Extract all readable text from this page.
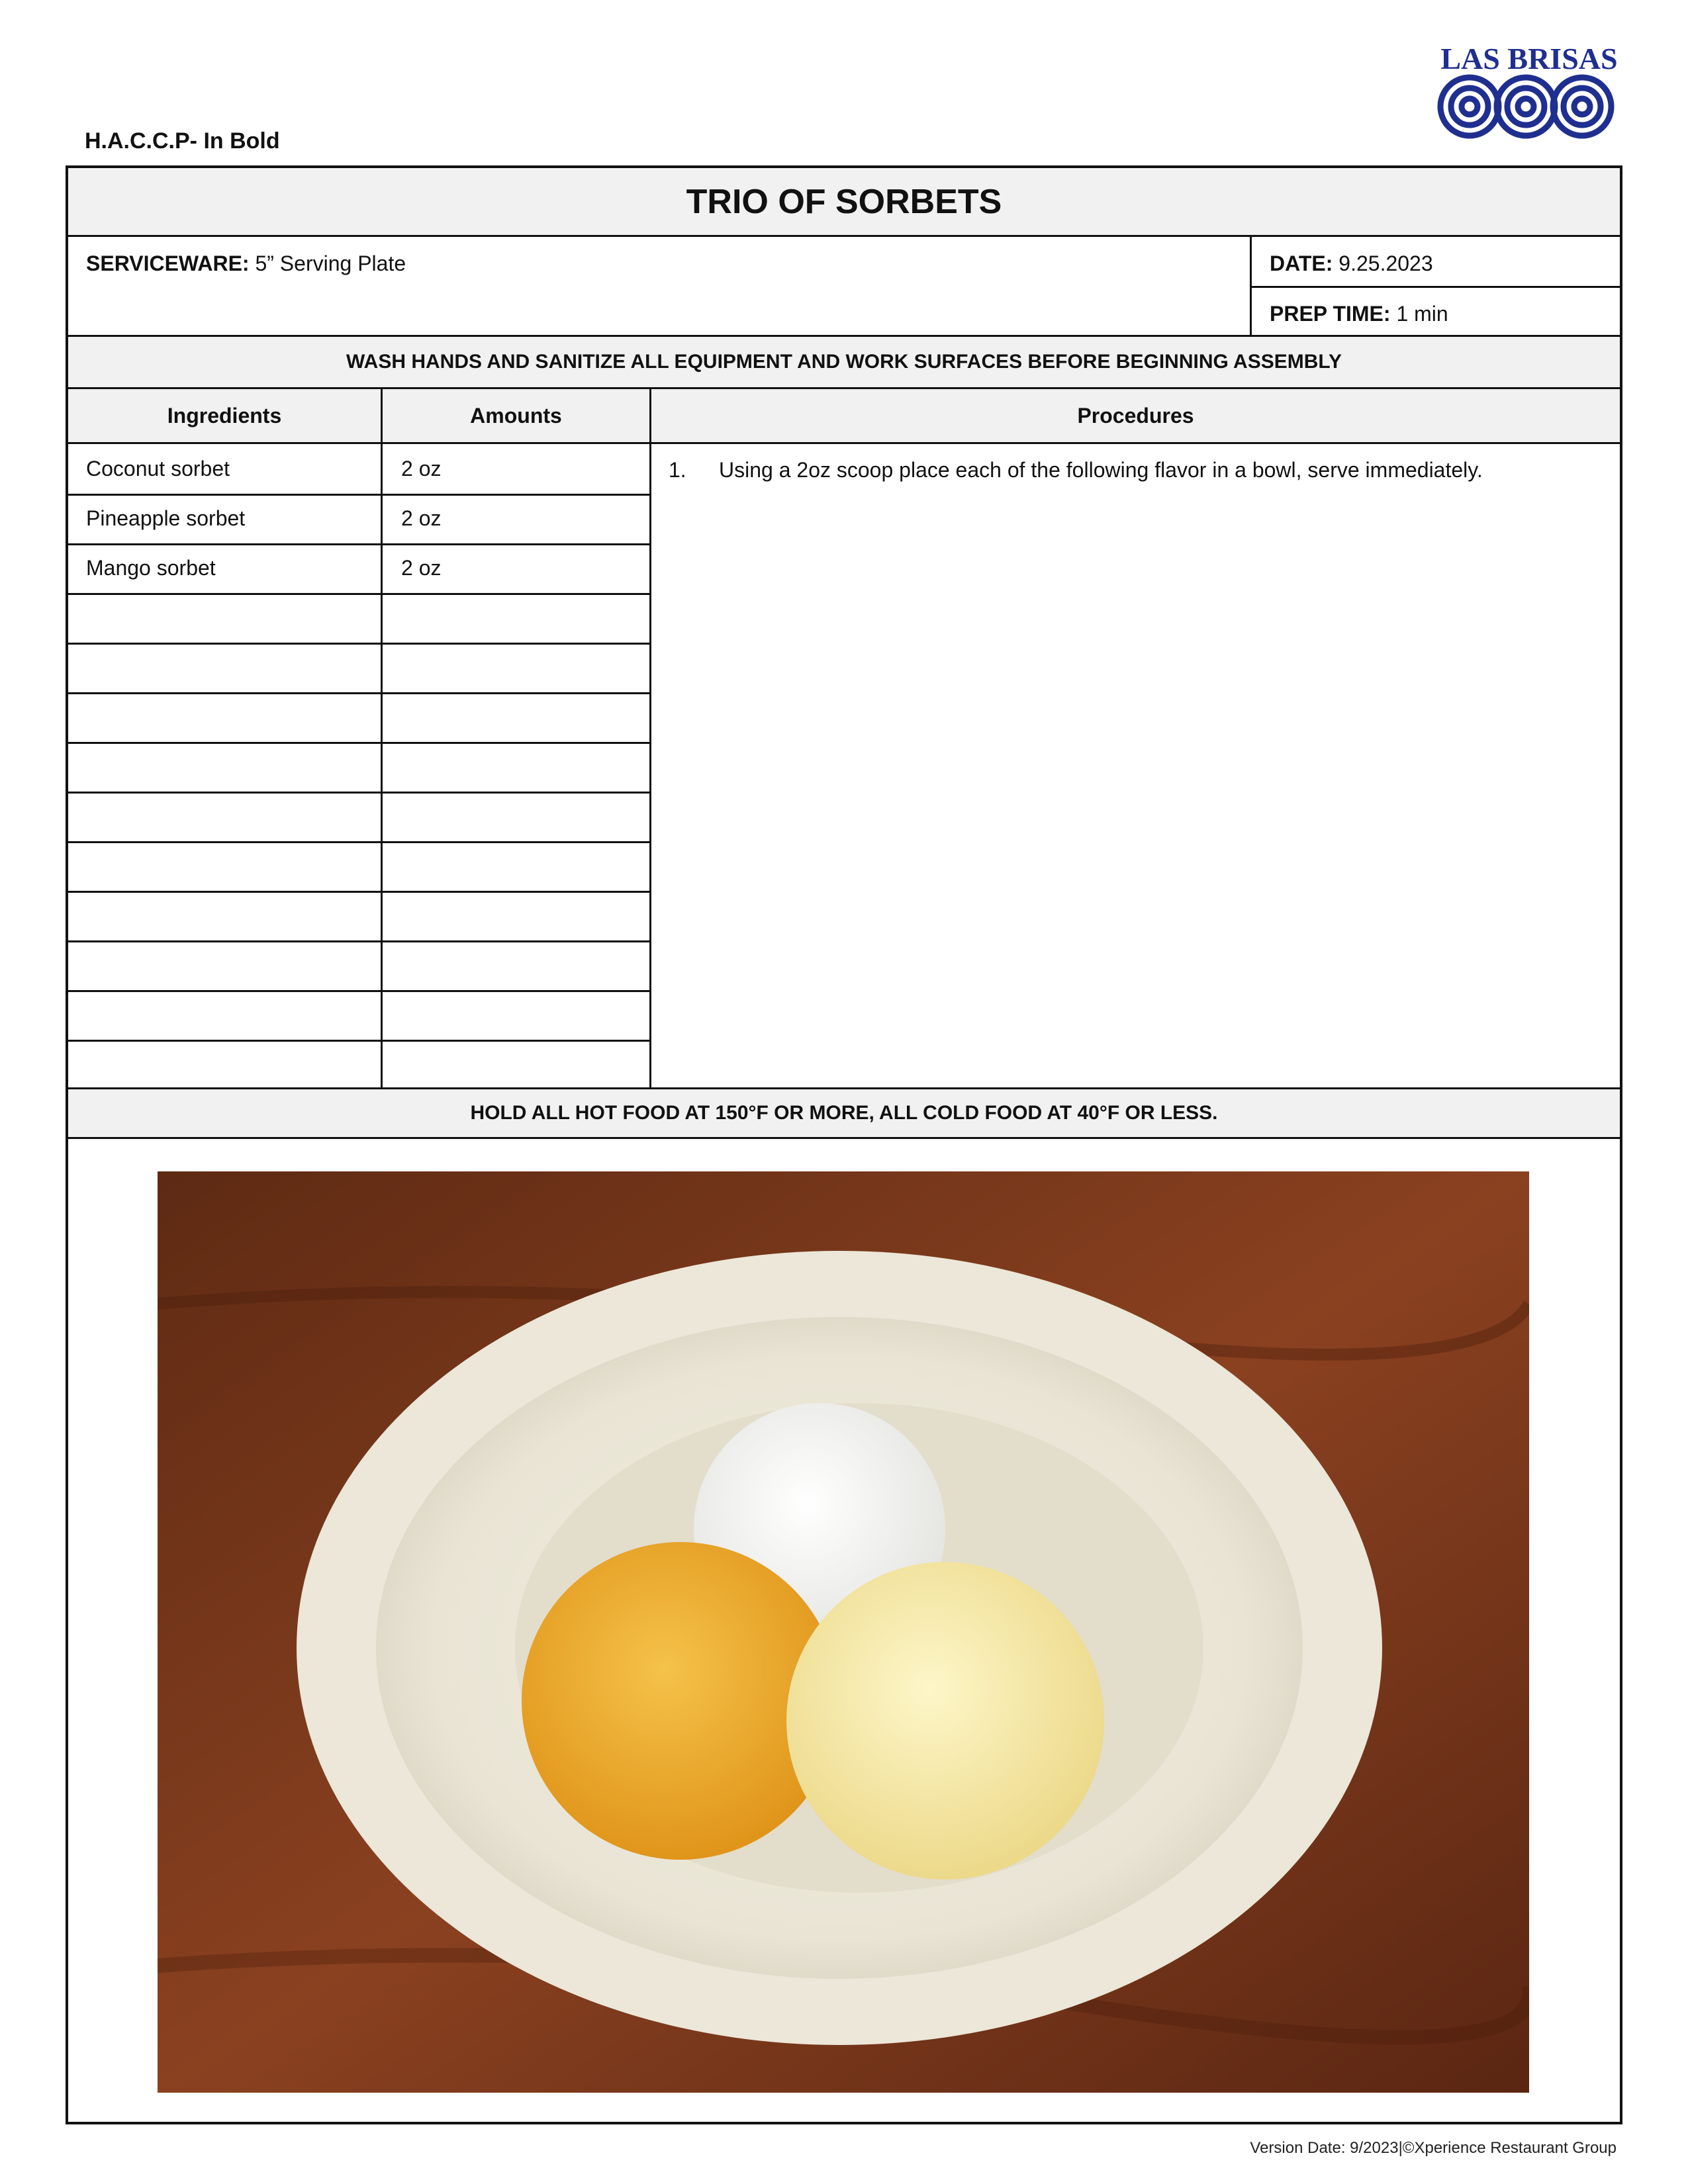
H.A.C.C.P- In Bold
LAS BRISAS
TRIO OF SORBETS
SERVICEWARE: 5” Serving Plate	DATE: 9.25.2023
PREP TIME: 1 min
WASH HANDS AND SANITIZE ALL EQUIPMENT AND WORK SURFACES BEFORE BEGINNING ASSEMBLY
Ingredients	Amounts	Procedures
Coconut sorbet	2 oz
Pineapple sorbet	2 oz
Mango sorbet	2 oz
1. Using a 2oz scoop place each of the following flavor in a bowl, serve immediately.
HOLD ALL HOT FOOD AT 150°F OR MORE, ALL COLD FOOD AT 40°F OR LESS.
Version Date: 9/2023|©Xperience Restaurant Group
